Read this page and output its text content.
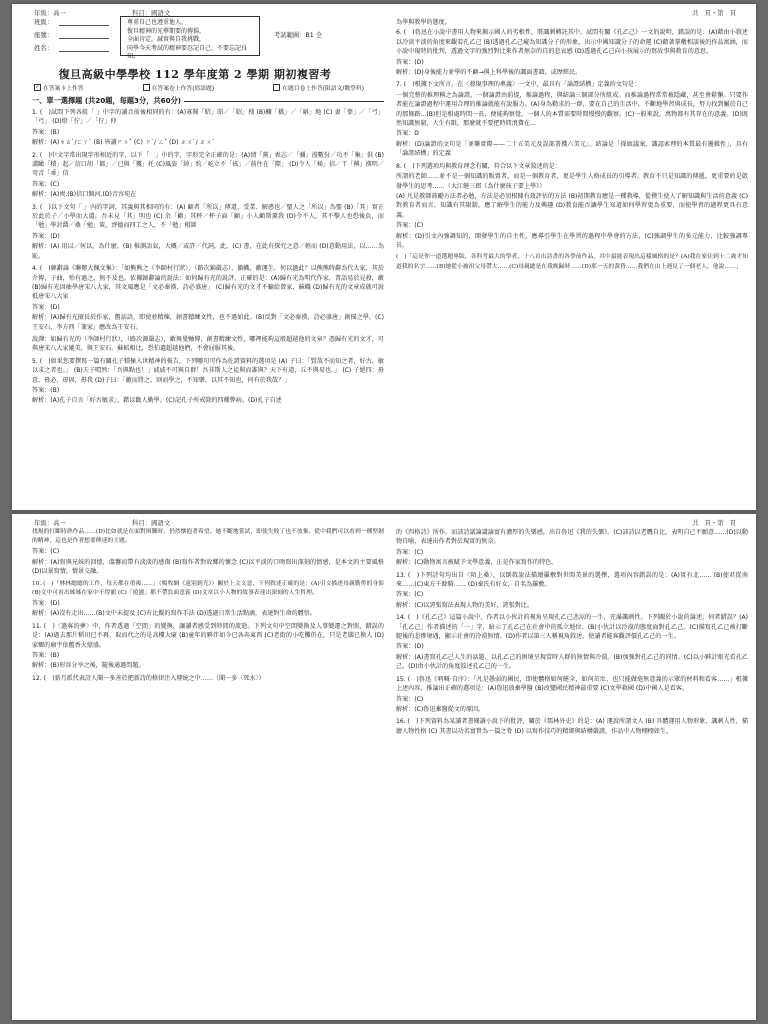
年級：高一	科目：國語文	共 頁・第 頁
班級：
座號：
姓名：
尊重自己也遵重他人，
復旦精神的光華期要的傳揚。
全面肯定，誠實與自我挑戰，
同學今天考試的精神要忍記自己、不要忘記良知。
考試範圍：B1 全
復旦高級中學學校 112 學年度第 2 學期 期初複習考
✓ 在答案卡上作答	在答案卷上作答(寫語題)	在題目卷上作答(限語文/數學科)
一、單一選擇題 (共20題，每題3分，共60分)

1. (　)試問下列各組「 」中字的讀音前後相同的有：(A)寡聞「昭」昭／「昭」搜 (B)欄「橋」／「斛」地 (C) 妻「孳」／「弓」「弓」 (D)燈「佇」／「佇」仲

答案：(B)

解析：(A)ㄉㄠˋ/ㄈㄚˋ (B) 皆讀ㄕㄨˇ (C) ㄗˋ/ ㄙˇ (D) ㄓㄨˋ/ ㄓㄨˋ

2. (　)中文字常出現字形相近的字，以下「　」中的字，字形完全正確的是：(A)情「黨」喪志／「彌」漫數份／功不「集」供 (B) 溝瞰「積」起／信口胡「都」／已與「獲」托 (C)風姿「綽」約／屹立不「搖」／前往在「際」 (D)令人「秘」信／干「稱」漢明／弯音「乖」信

答案：(C)

解析：(A)喪,(B)信口開河,(D)音容宛在

3. (　)以下文句「 」內的字詞，其義與其相同的有：(A) 顧者「所以」傳道、受業、解惑也／聖人之「所以」為聖 (B)「其」實正於此於子／小學而大遺，吾未見「其」明也 (C) 余「顧」其杯／杯子面「顧」小人顧斯薰我 (D)令不人，其不擊人也恐後負，而「勉」學討爵／桑「勉」策，齊德而四工之人，不「勉」相師

答案：(D)

解析：(A) 用以／何以。為什麼。(B) 推測語氣，大概／或許／代詞，此。(C) 書，在此有探究之意／輕而 (D)意動用法，以……為恥。

4. (　)韓辭論《聯辦大佩文集》：「如熊熊之（李師村行狀），（路次錦嚴志）、撤幟、敵運生，何以過此？以熊熊時辭為代大家，其於介傳、子曲，殆有過之，無不及也。依據韓辭論的說法：如何歸有光的說評，正確的是：(A)歸有光為明代作家，普語易於見發，敵 (B)歸有光因抽學唐宋八大家，其文風應是「文必秦漢，詩必盛唐」 (C)歸有光的文才不輸給曾家，蘇幟 (D)歸有光的文章成就可說抵唐宋八大家

答案：(D)

解析：(A)歸有光擅長於作家，舊話語，即使並精煉，創書精練文性，也不過如此。(B)反對「文必秦漢，詩必盛唐」創描之學。(C)王安石，李方西「兼家」應改為王安石。

說譯：如歸有光的（李師村行狀），（路次源嚴志），敵舞曼軸傳，創書精練文性，哪裡能夠這般超越他的文章？憑歸有光的文才，可與唐宋八大家媲美，與王安石、蘇軾相比，恐怕遺超越他們，不會屈服其後。

5. (　)如果您要撰寫一篇有關孔子積極入世精神的報告，下列哪句可作為佐證資料的選項是 (A) 子曰：「賢哉不而知之者，好古，敏以求之者也。」 (B)夫子喟然：「吾與點也！」戚戚不可與自群！吾非斯人之徒與而誰與？天下有道，丘不與易也。」 (C) 子絕四：毋意，毋必，毋固，毋我 (D)子曰：「敵而將之，則而學之，不知樂，以其不知也，何有於我哉？」

答案：(B)

解析：(A)孔子自言「好古敏求」，藉以勸人勤學。(C)記孔子所戒除的四種弊病。(D)孔子自述

為學與教學的態度。

6. (　)魯迅在小說中書用人物來揭示國人的劣根性，將諷刺轉託其中。試問有關《孔乙己》一文的說明，錯誤的是：(A)藉由小敘述以冷淡平淡的角度來觀看孔乙己 (B)透過孔乙己癡為知識分子的形象，出示中國知識分子的命運 (C)藉著掌櫃相談後的作品寓涵，而小說中現時的批判，透過文字的強烈對比來作者無奈的自的悲哀感 (D)透過孔乙己向小孩展示的寫故事與教育的意思。

答案：(D)

解析：(D)身後能力並學的不顧→與上科學後的諷面書籍，或歷經民。

7. (　)根據下文所言，在〈發現事理的奧義〉一文中，最具有「論證結構」定義的文句是：

一個完整的推理稱之為論證，一個論證由前提，推論過程，與結論三個部分所組成。而推論過程常常被隱藏，甚至會鬆懈。只要作者能在論證過程中運用合理的推論就能有說服力。(A)身為勤求的一群，要在自己的生活中，不斷地學習與成長，努力找到屬於自己的那條路...(B)但是相處時間一長，便能夠察覺，一個人的本質需要時間慢慢的觀察。(C)一般來說，萬物都有其存在的意義。(D)既然知識無窮，人生有限，那麼就不要把時間浪費在...

答案：D

解析：(D)論證的文句是「並聯實際——二十五美元及誤部署獲六美元」。結論是「探頭議案，識認索理的本質最有邏輯性」，具有「論證結構」的定義

8. (　)下列選項均與教育理念有關，符合以下文章敘述的是：

所謂的老師……並不是一個知識的販賣者，而是一個教育者，更是學生人格成長的引導者。教育不只是知識的傳遞，更重要的是啟發學生的思考……（大江健三郎《為什麼孩子要上學》）

(A) 凡是教師鼓勵方法者必勉，方法是必須根據有效評估的方法 (B)初期教育應是一種教導，從樸生使人了解知識與生活的意義 (C) 對教育者而言，知識有其限制，應了解學生的能力及興趣 (D)教育能否讓學生知道如何學習更為重要，而使學習的過程更具有意義。

答案：(C)

解析：(D)引文內強調知的，開發學生的自主性，應導引學生在學習的過程中學會的方法，(C)強調學生的多元能力，比較強調專長。

(　)「這是你一道選題專版，各科考最大的學者，十八首出詩書的各學前作品，其中最能表現出這樣風格的是？(A)我在家住到十二歲才知道我的名字……(B)她從小被祖父母帶大……(C)母親總是在我晚歸時……(D)那一天的黃昏……我們在山上遇見了一個老人，他說……」

年級：高一	科目：國語文	共 頁・第 頁

找規的打斷時熟作品……(D)比如就是在面對困難時，仍然懷抱著希望。她不斷地嘗試，即使失敗了也不放棄。從中我們可以看到一種堅韌的精神，這也是作者想要傳達的主題。

答案：(C)

解析：(A)寫與兄妹的回憶，溫馨而帶有淡淡的感傷 (B)寫作者對故鄉的懷念 (C)以平淡的口吻寫出深刻的情感，是本文的主要風格 (D)以景寫情，情景交融。

10. (　)「林林總總的工作，每天都在重複……」（楊牧網《遠別到光》）關於上文文意，下列敘述正確的是：(A)引文描述母親勤勞的身影 (B)文中可看出姊姊在家中不得寵 (C)「遊盪」都不帶負面意義 (D)文章以小人物的故事表達出深刻的人生哲理。

答案：(D)

解析：(A)沒有走出……(B)文中未提及 (C)有比擬的寫作手法 (D)透過日常生活點滴，表達對生命的體悟。

11. (　)〈過客的夢〉中，作者透過「空間」的變換，讓讀者感受到時間的流逝。下列文句中空間變換及人事變遷之對照，錯誤的是：(A)過去那片稻田已不再，取而代之的是高樓大廈 (B)童年的夥伴如今已各奔東西 (C)老街的小吃攤仍在，只是老闆已換人 (D)家鄉的廟宇依舊香火鼎盛。

答案：(B)

解析：(B)形容分享之後，隨後通過問題。

12. (　)新月派代表詩人聞一多善於把新詩的格律注入傳統之中……（聞一多〈死水〉）

的《四格詩》所作，而該詩議論講論富有濃厚的失樂感，出自魯迅《我的失樂》。(C)該詩以老鷹自比，表明自己不願意……(D)以動物自喻，表達出作者對於現實的無奈。

答案：(C)

解析：(C)動物寓言被賦予文學意義，正是作家寫作的特色。

13. (　)下列詩句均出自〈陌上桑〉，以倒敘說法描繪羅敷對世間美景的選擇，選項內容錯誤的是：(A)實有北…… (B)使君從南來……(C)東方千餘騎…… (D)秦氏有好女，自名為羅敷。

答案：(C)

解析：(C)以誇張寫法表現人物的美好，誇張對比。

14. (　)《孔乙己》這篇小說中，作者以小伙計的視角呈現孔乙己悲涼的一生，充滿諷刺性。下列關於小說的論述，何者錯誤？(A)「孔乙己」作者描述的「一」字，暗示了孔乙己在社會中的孤立地位。(B)小伙計以冷漠的態度面對孔乙己。(C)描寫孔乙己被打斷腿後的悲慘境遇，顯示社會的冷漠無情。(D)作者以第三人稱視角敘述，使讀者能客觀評價孔乙己的一生。

答案：(D)

解析：(A)書寫孔乙己人生的話題，以孔乙己的困境呈現當時人群的無情與冷漠。(B)加強對孔乙己的同情。(C)以小夥計眼光看孔乙己。(D)由小伙計的角度敘述孔乙己的一生。

15. (　)魯迅《吶喊·自序》：「凡是愚弱的國民，即使體格如何健全，如何茁壯，也只能做毫無意義的示眾的材料和看客……」根據上述內容，推論出正確的選項是：(A)魯迅放棄學醫 (B)改變國民精神最重要 (C)文學救國 (D)中國人是看客。

答案：(C)

解析：(C)魯迅棄醫從文的原因。

16. (　)下列資料為某讀者書閱讀小說下的批評，關於《儒林外史》的是：(A) 運說所謂文人 (B) 具體運用人物形象，諷刺人性，描繪人物性格 (C) 其書以功名富貴為一篇之骨 (D) 以寫作技巧的精細與結構嚴謹，作品中人物栩栩如生。
